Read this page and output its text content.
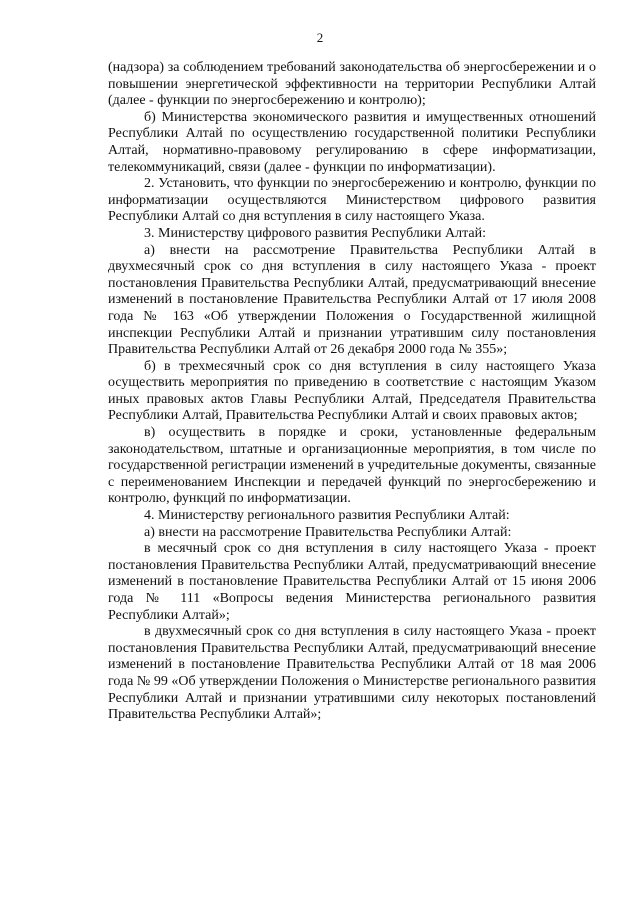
2

(надзора) за соблюдением требований законодательства об энергосбережении и о повышении энергетической эффективности на территории Республики Алтай (далее - функции по энергосбережению и контролю);

б) Министерства экономического развития и имущественных отношений Республики Алтай по осуществлению государственной политики Республики Алтай, нормативно-правовому регулированию в сфере информатизации, телекоммуникаций, связи (далее - функции по информатизации).

2. Установить, что функции по энергосбережению и контролю, функции по информатизации осуществляются Министерством цифрового развития Республики Алтай со дня вступления в силу настоящего Указа.

3. Министерству цифрового развития Республики Алтай:

а) внести на рассмотрение Правительства Республики Алтай в двухмесячный срок со дня вступления в силу настоящего Указа - проект постановления Правительства Республики Алтай, предусматривающий внесение изменений в постановление Правительства Республики Алтай от 17 июля 2008 года № 163 «Об утверждении Положения о Государственной жилищной инспекции Республики Алтай и признании утратившим силу постановления Правительства Республики Алтай от 26 декабря 2000 года № 355»;

б) в трехмесячный срок со дня вступления в силу настоящего Указа осуществить мероприятия по приведению в соответствие с настоящим Указом иных правовых актов Главы Республики Алтай, Председателя Правительства Республики Алтай, Правительства Республики Алтай и своих правовых актов;

в) осуществить в порядке и сроки, установленные федеральным законодательством, штатные и организационные мероприятия, в том числе по государственной регистрации изменений в учредительные документы, связанные с переименованием Инспекции и передачей функций по энергосбережению и контролю, функций по информатизации.

4. Министерству регионального развития Республики Алтай:

а) внести на рассмотрение Правительства Республики Алтай:

в месячный срок со дня вступления в силу настоящего Указа - проект постановления Правительства Республики Алтай, предусматривающий внесение изменений в постановление Правительства Республики Алтай от 15 июня 2006 года № 111 «Вопросы ведения Министерства регионального развития Республики Алтай»;

в двухмесячный срок со дня вступления в силу настоящего Указа - проект постановления Правительства Республики Алтай, предусматривающий внесение изменений в постановление Правительства Республики Алтай от 18 мая 2006 года № 99 «Об утверждении Положения о Министерстве регионального развития Республики Алтай и признании утратившими силу некоторых постановлений Правительства Республики Алтай»;
